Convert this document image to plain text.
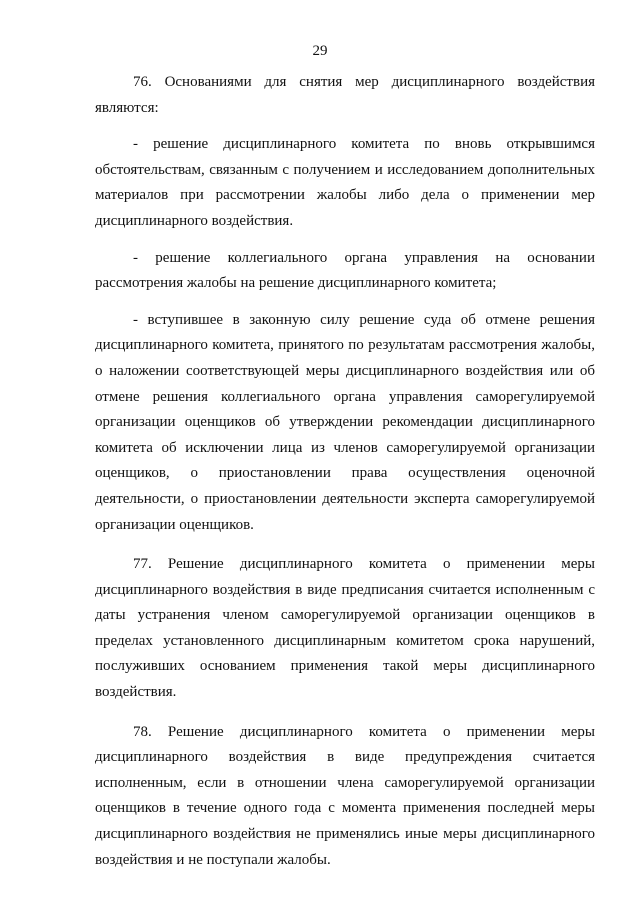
29

76. Основаниями для снятия мер дисциплинарного воздействия являются:

- решение дисциплинарного комитета по вновь открывшимся обстоятельствам, связанным с получением и исследованием дополнительных материалов при рассмотрении жалобы либо дела о применении мер дисциплинарного воздействия.

- решение коллегиального органа управления на основании рассмотрения жалобы на решение дисциплинарного комитета;

- вступившее в законную силу решение суда об отмене решения дисциплинарного комитета, принятого по результатам рассмотрения жалобы, о наложении соответствующей меры дисциплинарного воздействия или об отмене решения коллегиального органа управления саморегулируемой организации оценщиков об утверждении рекомендации дисциплинарного комитета об исключении лица из членов саморегулируемой организации оценщиков, о приостановлении права осуществления оценочной деятельности, о приостановлении деятельности эксперта саморегулируемой организации оценщиков.

77. Решение дисциплинарного комитета о применении меры дисциплинарного воздействия в виде предписания считается исполненным с даты устранения членом саморегулируемой организации оценщиков в пределах установленного дисциплинарным комитетом срока нарушений, послуживших основанием применения такой меры дисциплинарного воздействия.

78. Решение дисциплинарного комитета о применении меры дисциплинарного воздействия в виде предупреждения считается исполненным, если в отношении члена саморегулируемой организации оценщиков в течение одного года с момента применения последней меры дисциплинарного воздействия не применялись иные меры дисциплинарного воздействия и не поступали жалобы.
